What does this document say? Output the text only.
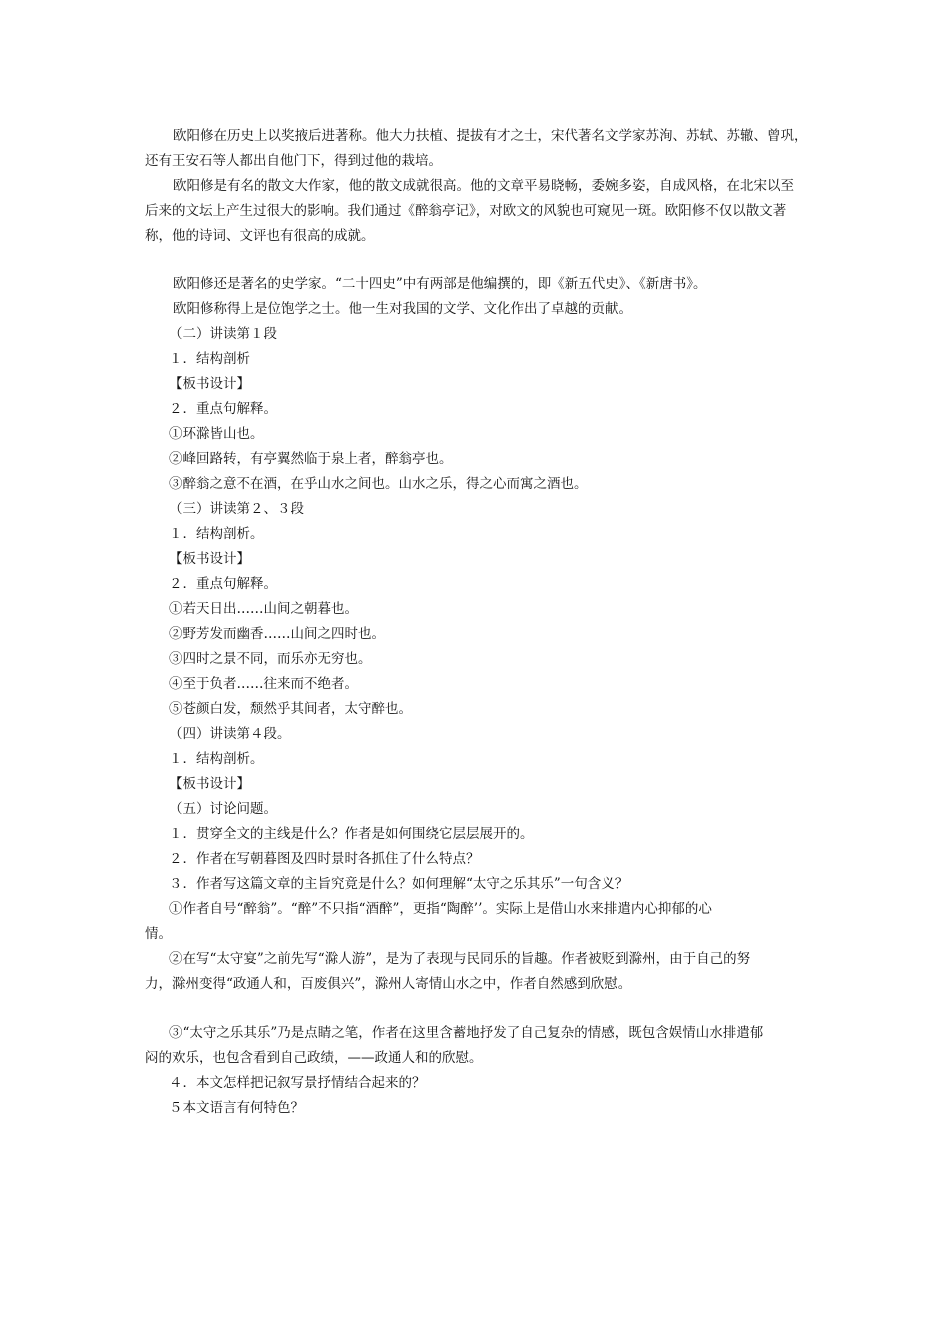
欧阳修在历史上以奖掖后进著称。他大力扶植、提拔有才之士，宋代著名文学家苏洵、苏轼、苏辙、曾巩，
还有王安石等人都出自他门下，得到过他的栽培。
欧阳修是有名的散文大作家，他的散文成就很高。他的文章平易晓畅，委婉多姿，自成风格，在北宋以至
后来的文坛上产生过很大的影响。我们通过《醉翁亭记》，对欧文的风貌也可窥见一斑。欧阳修不仅以散文著
称，他的诗词、文评也有很高的成就。
欧阳修还是著名的史学家。“二十四史”中有两部是他编撰的，即《新五代史》、《新唐书》。
欧阳修称得上是位饱学之士。他一生对我国的文学、文化作出了卓越的贡献。
（二）讲读第１段
１．结构剖析
【板书设计】
２．重点句解释。
①环滁皆山也。
②峰回路转，有亭翼然临于泉上者，醉翁亭也。
③醉翁之意不在酒，在乎山水之间也。山水之乐，得之心而寓之酒也。
（三）讲读第２、３段
１．结构剖析。
【板书设计】
２．重点句解释。
①若天日出……山间之朝暮也。
②野芳发而幽香……山间之四时也。
③四时之景不同，而乐亦无穷也。
④至于负者……往来而不绝者。
⑤苍颜白发，颓然乎其间者，太守醉也。
（四）讲读第４段。
１．结构剖析。
【板书设计】
（五）讨论问题。
１．贯穿全文的主线是什么？作者是如何围绕它层层展开的。
２．作者在写朝暮图及四时景时各抓住了什么特点？
３．作者写这篇文章的主旨究竟是什么？如何理解“太守之乐其乐”一句含义？
①作者自号“醉翁”。“醉”不只指“酒醉”，更指“陶醉’’。实际上是借山水来排遣内心抑郁的心
情。
②在写“太守宴”之前先写“滁人游”，是为了表现与民同乐的旨趣。作者被贬到滁州，由于自己的努
力，滁州变得“政通人和，百废俱兴”，滁州人寄情山水之中，作者自然感到欣慰。
③“太守之乐其乐”乃是点睛之笔，作者在这里含蓄地抒发了自己复杂的情感，既包含娱情山水排遣郁
闷的欢乐，也包含看到自己政绩，——政通人和的欣慰。
４．本文怎样把记叙写景抒情结合起来的？
５本文语言有何特色？
